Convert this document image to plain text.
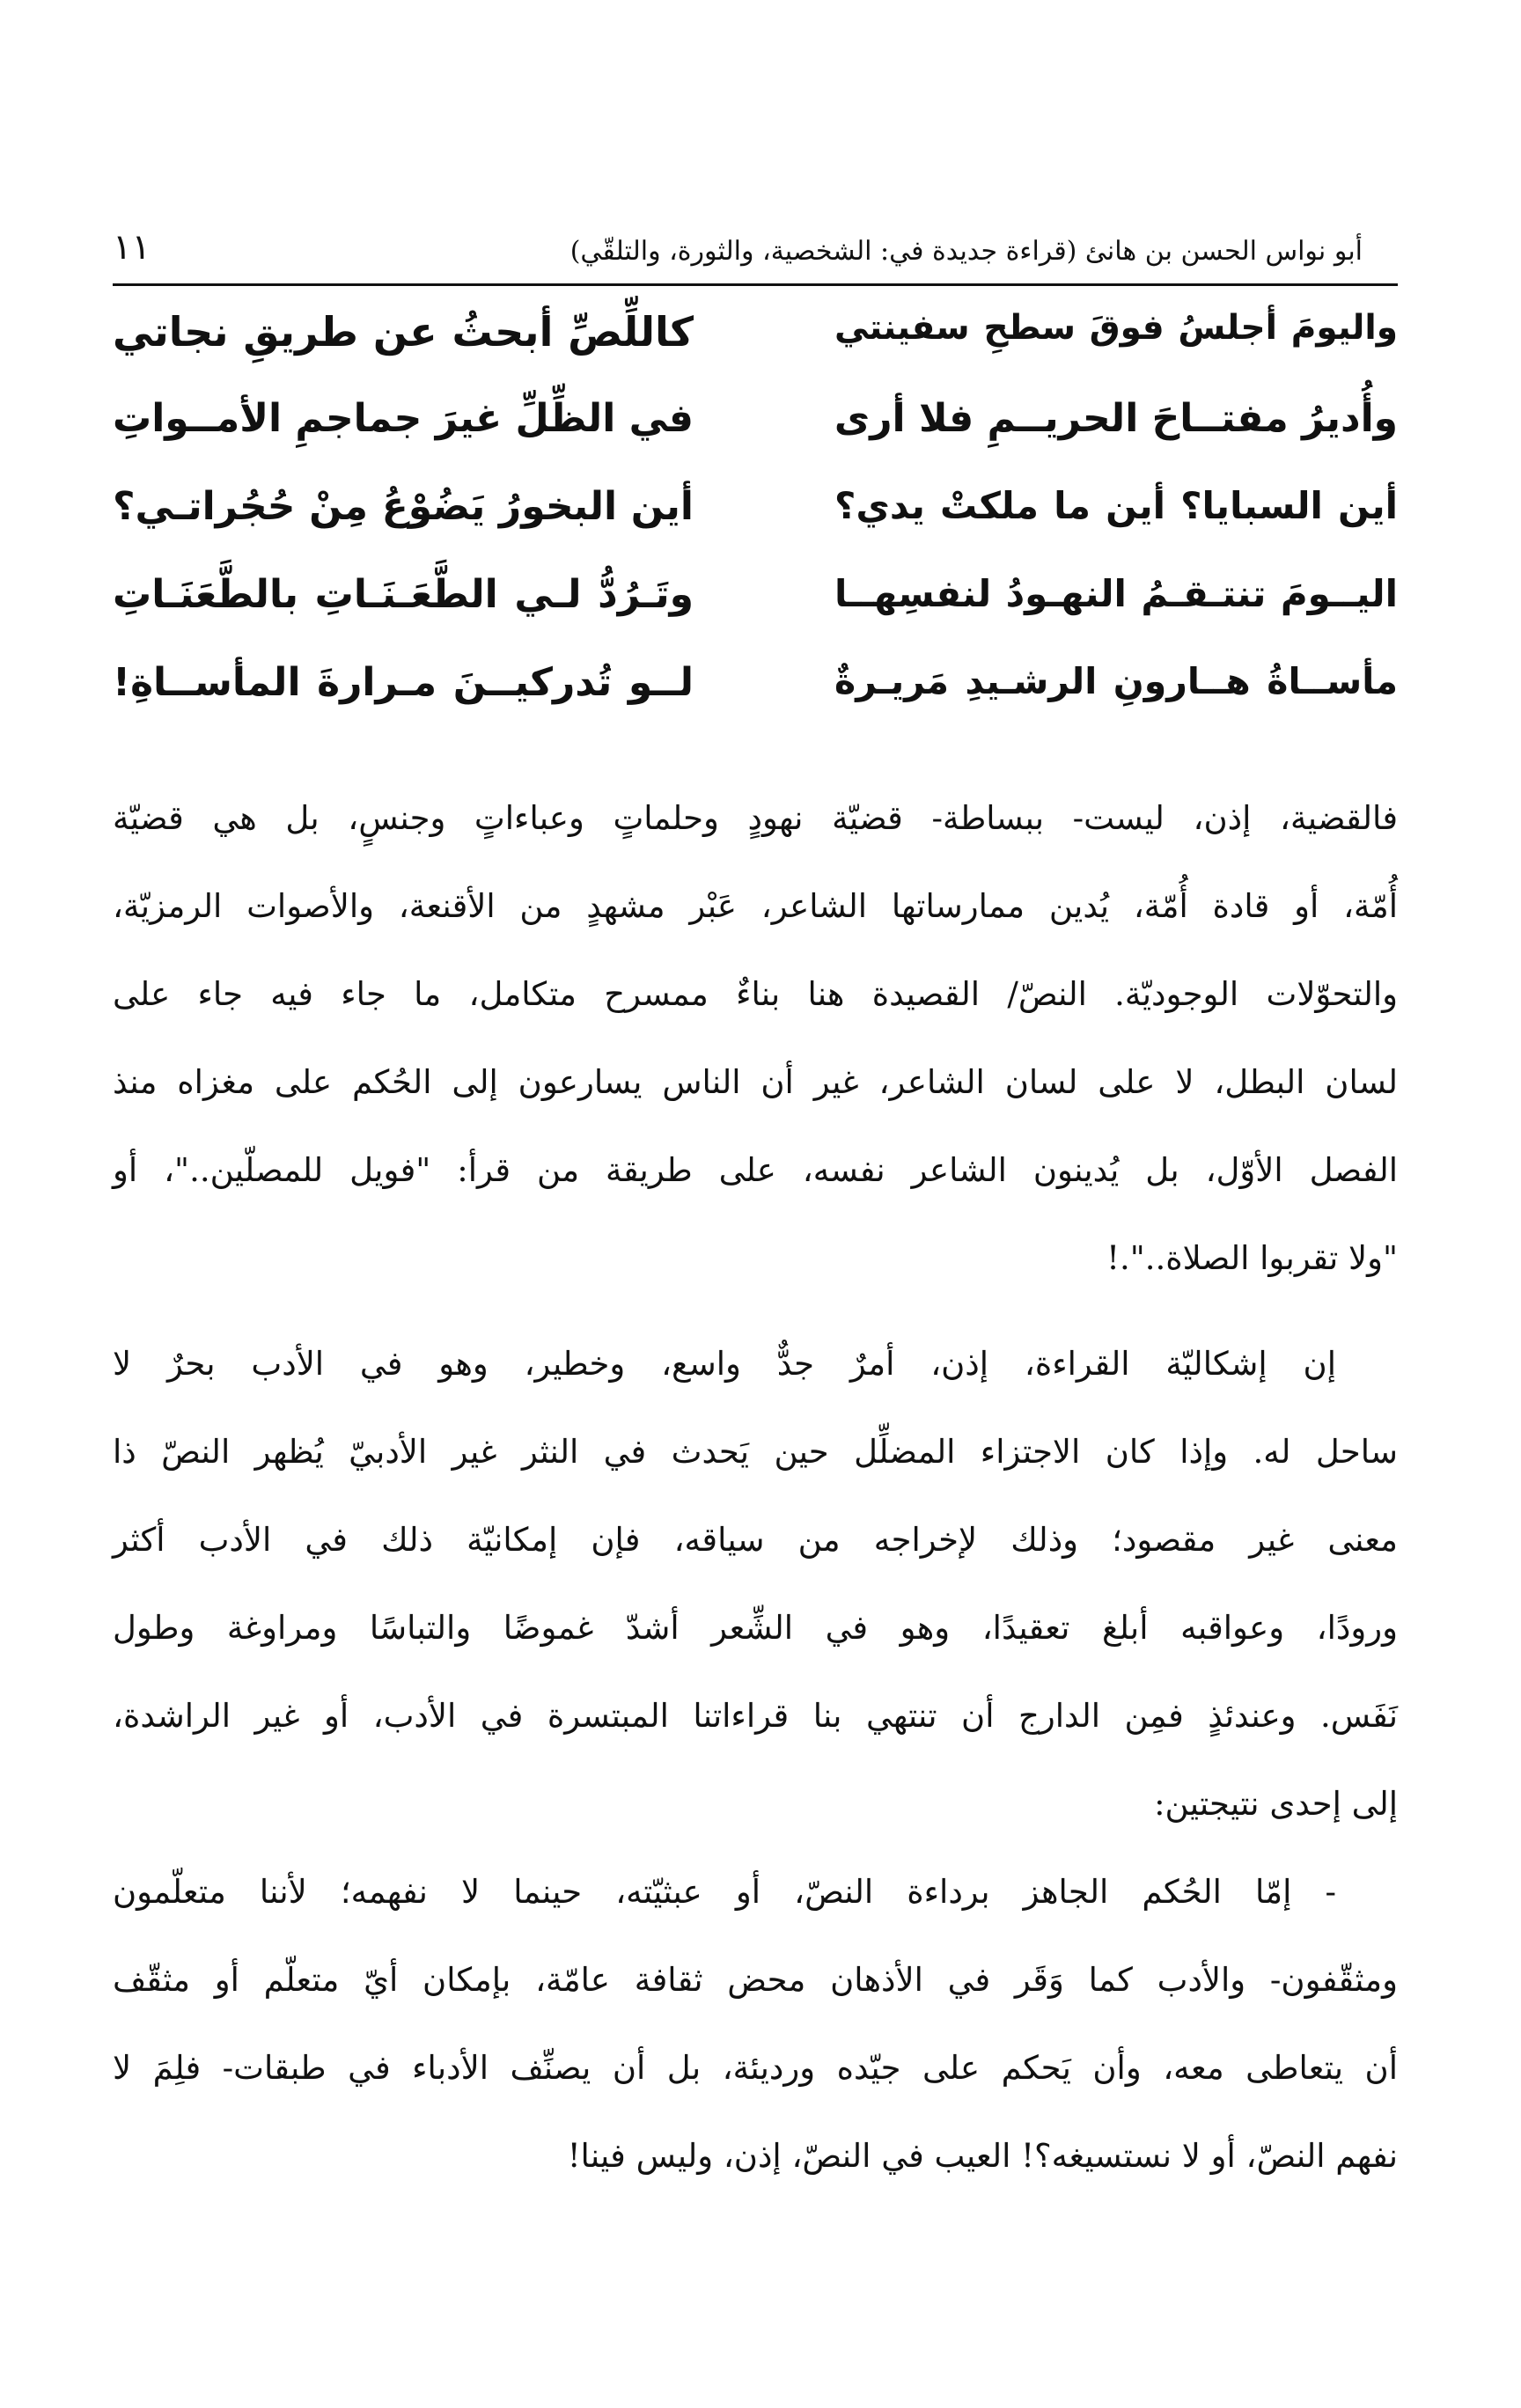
أبو نواس الحسن بن هانئ (قراءة جديدة في: الشخصية، والثورة، والتلقّي)
١١
واليومَ أجلسُ فوقَ سطحِ سفينتي
كاللِّصِّ أبحثُ عن طريقِ نجاتي
وأُديرُ مفتــاحَ الحريــمِ فلا أرى
في الظِّلِّ غيرَ جماجمِ الأمــواتِ
أين السبايا؟ أين ما ملكتْ يدي؟
أين البخورُ يَضُوْعُ مِنْ حُجُراتـي؟
اليــومَ تنتـقـمُ النهـودُ لنفسِهــا
وتَـرُدُّ لـي الطَّعَـنَـاتِ بالطَّعَنَـاتِ
مأســاةُ هــارونِ الرشـيدِ مَريـرةٌ
لــو تُدركيــنَ مـرارةَ المأســاةِ!
فالقضية، إذن، ليست- ببساطة- قضيّة نهودٍ وحلماتٍ وعباءاتٍ وجنسٍ، بل هي قضيّة
أُمّة، أو قادة أُمّة، يُدين ممارساتها الشاعر، عَبْر مشهدٍ من الأقنعة، والأصوات الرمزيّة،
والتحوّلات الوجوديّة. النصّ/ القصيدة هنا بناءٌ ممسرح متكامل، ما جاء فيه جاء على
لسان البطل، لا على لسان الشاعر، غير أن الناس يسارعون إلى الحُكم على مغزاه منذ
الفصل الأوّل، بل يُدينون الشاعر نفسه، على طريقة من قرأ: "فويل للمصلّين.."، أو
"ولا تقربوا الصلاة..".!
إن إشكاليّة القراءة، إذن، أمرٌ جدٌّ واسع، وخطير، وهو في الأدب بحرٌ لا
ساحل له. وإذا كان الاجتزاء المضلِّل حين يَحدث في النثر غير الأدبيّ يُظهر النصّ ذا
معنى غير مقصود؛ وذلك لإخراجه من سياقه، فإن إمكانيّة ذلك في الأدب أكثر
ورودًا، وعواقبه أبلغ تعقيدًا، وهو في الشِّعر أشدّ غموضًا والتباسًا ومراوغة وطول
نَفَس. وعندئذٍ فمِن الدارج أن تنتهي بنا قراءاتنا المبتسرة في الأدب، أو غير الراشدة،
إلى إحدى نتيجتين:
- إمّا الحُكم الجاهز برداءة النصّ، أو عبثيّته، حينما لا نفهمه؛ لأننا متعلّمون
ومثقّفون- والأدب كما وَقَر في الأذهان محض ثقافة عامّة، بإمكان أيّ متعلّم أو مثقّف
أن يتعاطى معه، وأن يَحكم على جيّده ورديئة، بل أن يصنِّف الأدباء في طبقات- فلِمَ لا
نفهم النصّ، أو لا نستسيغه؟! العيب في النصّ، إذن، وليس فينا!
